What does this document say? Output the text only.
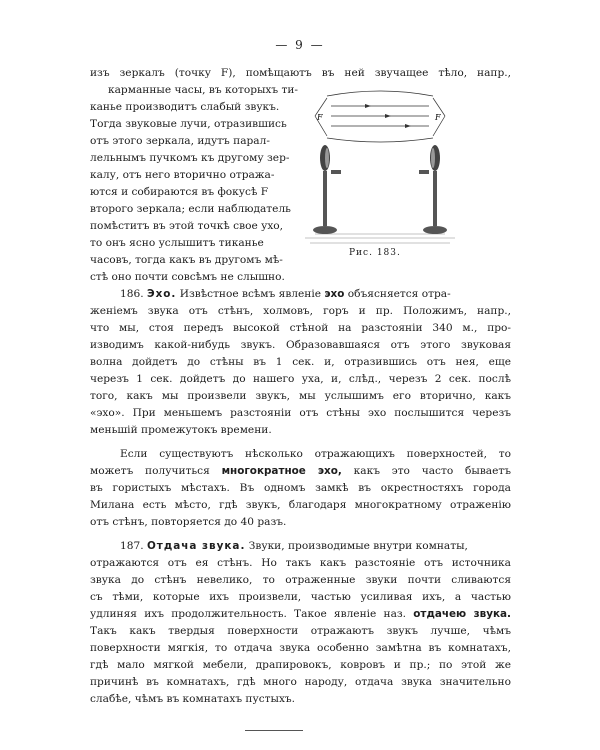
— 9 —
F	F
Рис. 183.
изъ зеркалъ (точку F), помѣщаютъ въ ней звучащее тѣло, напр.,
карманные часы, въ которыхъ ти-
канье производитъ слабый звукъ.
Тогда звуковые лучи, отразившись
отъ этого зеркала, идутъ парал-
лельнымъ пучкомъ къ другому зер-
калу, отъ него вторично отража-
ются и собираются въ фокусѣ F
второго зеркала; если наблюдатель
помѣститъ въ этой точкѣ свое ухо,
то онъ ясно услышитъ тиканье
часовъ, тогда какъ въ другомъ мѣ-
стѣ оно почти совсѣмъ не слышно.
186. Эхо. Извѣстное всѣмъ явленіе эхо объясняется отра-
женіемъ звука отъ стѣнъ, холмовъ, горъ и пр. Положимъ, напр.,
что мы, стоя передъ высокой стѣной на разстояніи 340 м., про-
изводимъ какой-нибудь звукъ. Образовавшаяся отъ этого звуковая
волна дойдетъ до стѣны въ 1 сек. и, отразившись отъ нея, еще
черезъ 1 сек. дойдетъ до нашего уха, и, слѣд., черезъ 2 сек. послѣ
того, какъ мы произвели звукъ, мы услышимъ его вторично, какъ
«эхо». При меньшемъ разстояніи отъ стѣны эхо послышится черезъ
меньшій промежутокъ времени.
Если существуютъ нѣсколько отражающихъ поверхностей, то
можетъ получиться многократное эхо, какъ это часто бываетъ
въ гористыхъ мѣстахъ. Въ одномъ замкѣ въ окрестностяхъ города
Милана есть мѣсто, гдѣ звукъ, благодаря многократному отраженію
отъ стѣнъ, повторяется до 40 разъ.
187. Отдача звука. Звуки, производимые внутри комнаты,
отражаются отъ ея стѣнъ. Но такъ какъ разстояніе отъ источника
звука до стѣнъ невелико, то отраженные звуки почти сливаются
съ тѣми, которые ихъ произвели, частью усиливая ихъ, а частью
удлиняя ихъ продолжительность. Такое явленіе наз. отдачею звука.
Такъ какъ твердыя поверхности отражаютъ звукъ лучше, чѣмъ
поверхности мягкія, то отдача звука особенно замѣтна въ комнатахъ,
гдѣ мало мягкой мебели, драпировокъ, ковровъ и пр.; по этой же
причинѣ въ комнатахъ, гдѣ много народу, отдача звука значительно
слабѣе, чѣмъ въ комнатахъ пустыхъ.
